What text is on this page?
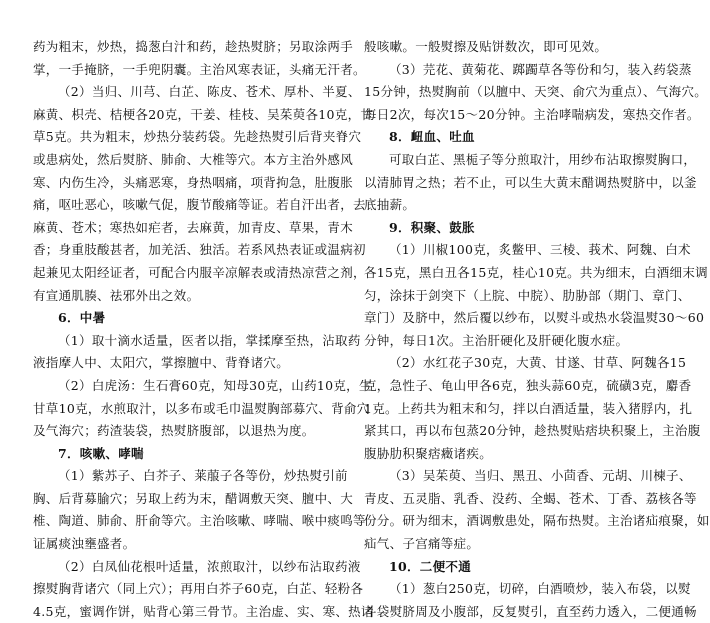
药为粗末，炒热，捣葱白汁和药，趁热熨脐；另取涂两手
掌，一手掩脐，一手兜阴囊。主治风寒表证，头痛无汗者。
（2）当归、川芎、白芷、陈皮、苍术、厚朴、半夏、
麻黄、枳壳、桔梗各20克，干姜、桂枝、吴茱萸各10克，甘
草5克。共为粗末，炒热分装药袋。先趁热熨引后背夹脊穴
或患病处，然后熨脐、肺俞、大椎等穴。本方主治外感风
寒、内伤生冷，头痛恶寒，身热咽痛，项背拘急，肚腹胀
痛，呕吐恶心，咳嗽气促，腹节酸痛等证。若自汗出者，去
麻黄、苍术；寒热如疟者，去麻黄，加青皮、草果，青木
香；身重肢酸甚者，加羌活、独活。若系风热表证或温病初
起兼见太阳经证者，可配合内服辛凉解表或清热凉营之剂，
有宣通肌腠、祛邪外出之效。
6．中暑
（1）取十滴水适量，医者以指，掌揉摩至热，沾取药
液指摩人中、太阳穴，掌擦膻中、背脊诸穴。
（2）白虎汤：生石膏60克，知母30克，山药10克，生
甘草10克，水煎取汁，以多布或毛巾温熨胸部募穴、背俞穴
及气海穴；药渣装袋，热熨脐腹部，以退热为度。
7．咳嗽、哮喘
（1）紫苏子、白芥子、莱菔子各等份，炒热熨引前
胸、后背募腧穴；另取上药为末，醋调敷天突、膻中、大
椎、陶道、肺俞、肝俞等穴。主治咳嗽、哮喘、喉中痰鸣等
证属痰浊壅盛者。
（2）白凤仙花根叶适量，浓煎取汁，以纱布沾取药液
擦熨胸背诸穴（同上穴）；再用白芥子60克，白芷、轻粉各
4.5克，蜜调作饼，贴背心第三骨节。主治虚、实、寒、热诸
般咳嗽。一般熨擦及贴饼数次，即可见效。
（3）芫花、黄菊花、踯躅草各等份和匀，装入药袋蒸
15分钟，热熨胸前（以膻中、天突、俞穴为重点）、气海穴。
每日2次，每次15～20分钟。主治哮喘病发，寒热交作者。
8．衄血、吐血
可取白芷、黑栀子等分煎取汁，用纱布沾取擦熨胸口，
以清肺胃之热；若不止，可以生大黄末醋调热熨脐中，以釜
底抽薪。
9．积聚、鼓胀
（1）川椒100克，炙鳖甲、三棱、莪术、阿魏、白术
各15克，黑白丑各15克，桂心10克。共为细末，白酒细末调
匀，涂抹于剑突下（上脘、中脘）、肋胁部（期门、章门、
章门）及脐中，然后覆以纱布，以熨斗或热水袋温熨30～60
分钟，每日1次。主治肝硬化及肝硬化腹水症。
（2）水红花子30克，大黄、甘遂、甘草、阿魏各15
克，急性子、龟山甲各6克，独头蒜60克，硫磺3克，麝香
1克。上药共为粗末和匀，拌以白酒适量，装入猪脬内，扎
紧其口，再以布包蒸20分钟，趁热熨贴痞块积聚上，主治腹
腹胁肋积聚痞癥诸疾。
（3）吴茱萸、当归、黑丑、小茴香、元胡、川楝子、
青皮、五灵脂、乳香、没药、全蝎、苍术、丁香、荔核各等
份分。研为细末，酒调敷患处，隔布热熨。主治诸疝痕聚，如
疝气、子宫痛等症。
10．二便不通
（1）葱白250克，切碎，白酒喷炒，装入布袋，以熨
斗袋熨脐周及小腹部，反复熨引，直至药力透入，二便通畅
